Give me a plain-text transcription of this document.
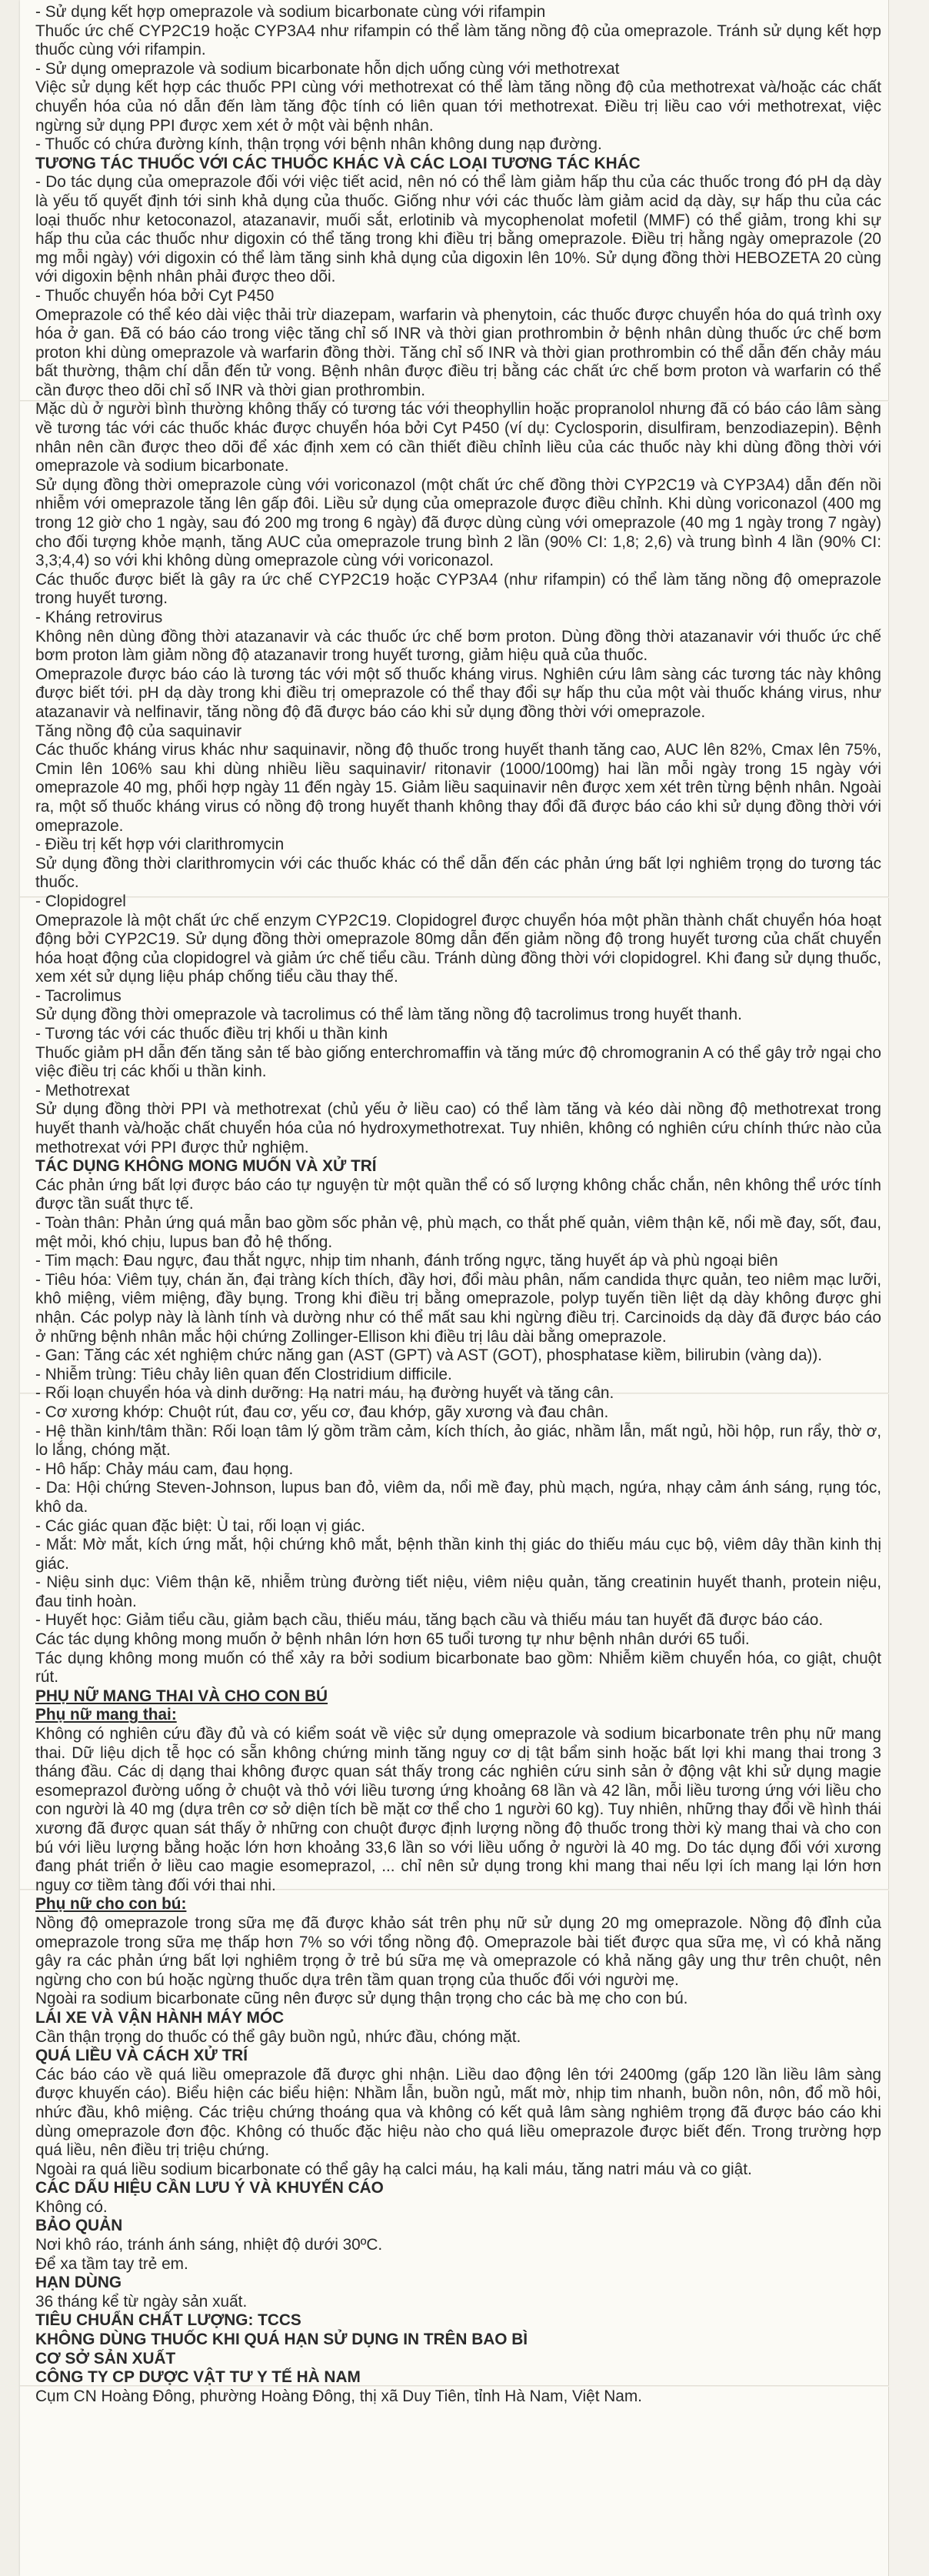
- Sử dụng kết hợp omeprazole và sodium bicarbonate cùng với rifampin

Thuốc ức chế CYP2C19 hoặc CYP3A4 như rifampin có thể làm tăng nồng độ của omeprazole. Tránh sử dụng kết hợp thuốc cùng với rifampin.

- Sử dụng omeprazole và sodium bicarbonate hỗn dịch uống cùng với methotrexat

Việc sử dụng kết hợp các thuốc PPI cùng với methotrexat có thể làm tăng nồng độ của methotrexat và/hoặc các chất chuyển hóa của nó dẫn đến làm tăng độc tính có liên quan tới methotrexat. Điều trị liều cao với methotrexat, việc ngừng sử dụng PPI được xem xét ở một vài bệnh nhân.

- Thuốc có chứa đường kính, thận trọng với bệnh nhân không dung nạp đường.

TƯƠNG TÁC THUỐC VỚI CÁC THUỐC KHÁC VÀ CÁC LOẠI TƯƠNG TÁC KHÁC

- Do tác dụng của omeprazole đối với việc tiết acid, nên nó có thể làm giảm hấp thu của các thuốc trong đó pH dạ dày là yếu tố quyết định tới sinh khả dụng của thuốc. Giống như với các thuốc làm giảm acid dạ dày, sự hấp thu của các loại thuốc như ketoconazol, atazanavir, muối sắt, erlotinib và mycophenolat mofetil (MMF) có thể giảm, trong khi sự hấp thu của các thuốc như digoxin có thể tăng trong khi điều trị bằng omeprazole. Điều trị hằng ngày omeprazole (20 mg mỗi ngày) với digoxin có thể làm tăng sinh khả dụng của digoxin lên 10%. Sử dụng đồng thời HEBOZETA 20 cùng với digoxin bệnh nhân phải được theo dõi.

- Thuốc chuyển hóa bởi Cyt P450

Omeprazole có thể kéo dài việc thải trừ diazepam, warfarin và phenytoin, các thuốc được chuyển hóa do quá trình oxy hóa ở gan. Đã có báo cáo trong việc tăng chỉ số INR và thời gian prothrombin ở bệnh nhân dùng thuốc ức chế bơm proton khi dùng omeprazole và warfarin đồng thời. Tăng chỉ số INR và thời gian prothrombin có thể dẫn đến chảy máu bất thường, thậm chí dẫn đến tử vong. Bệnh nhân được điều trị bằng các chất ức chế bơm proton và warfarin có thể cần được theo dõi chỉ số INR và thời gian prothrombin.

Mặc dù ở người bình thường không thấy có tương tác với theophyllin hoặc propranolol nhưng đã có báo cáo lâm sàng về tương tác với các thuốc khác được chuyển hóa bởi Cyt P450 (ví dụ: Cyclosporin, disulfiram, benzodiazepin). Bệnh nhân nên cần được theo dõi để xác định xem có cần thiết điều chỉnh liều của các thuốc này khi dùng đồng thời với omeprazole và sodium bicarbonate.

Sử dụng đồng thời omeprazole cùng với voriconazol (một chất ức chế đồng thời CYP2C19 và CYP3A4) dẫn đến nồi nhiễm với omeprazole tăng lên gấp đôi. Liều sử dụng của omeprazole được điều chỉnh. Khi dùng voriconazol (400 mg trong 12 giờ cho 1 ngày, sau đó 200 mg trong 6 ngày) đã được dùng cùng với omeprazole (40 mg 1 ngày trong 7 ngày) cho đối tượng khỏe mạnh, tăng AUC của omeprazole trung bình 2 lần (90% CI: 1,8; 2,6) và trung bình 4 lần (90% CI: 3,3;4,4) so với khi không dùng omeprazole cùng với voriconazol.

Các thuốc được biết là gây ra ức chế CYP2C19 hoặc CYP3A4 (như rifampin) có thể làm tăng nồng độ omeprazole trong huyết tương.

- Kháng retrovirus

Không nên dùng đồng thời atazanavir và các thuốc ức chế bơm proton. Dùng đồng thời atazanavir với thuốc ức chế bơm proton làm giảm nồng độ atazanavir trong huyết tương, giảm hiệu quả của thuốc.

Omeprazole được báo cáo là tương tác với một số thuốc kháng virus. Nghiên cứu lâm sàng các tương tác này không được biết tới. pH dạ dày trong khi điều trị omeprazole có thể thay đổi sự hấp thu của một vài thuốc kháng virus, như atazanavir và nelfinavir, tăng nồng độ đã được báo cáo khi sử dụng đồng thời với omeprazole.

Tăng nồng độ của saquinavir

Các thuốc kháng virus khác như saquinavir, nồng độ thuốc trong huyết thanh tăng cao, AUC lên 82%, Cmax lên 75%, Cmin lên 106% sau khi dùng nhiều liều saquinavir/ ritonavir (1000/100mg) hai lần mỗi ngày trong 15 ngày với omeprazole 40 mg, phối hợp ngày 11 đến ngày 15. Giảm liều saquinavir nên được xem xét trên từng bệnh nhân. Ngoài ra, một số thuốc kháng virus có nồng độ trong huyết thanh không thay đổi đã được báo cáo khi sử dụng đồng thời với omeprazole.

- Điều trị kết hợp với clarithromycin

Sử dụng đồng thời clarithromycin với các thuốc khác có thể dẫn đến các phản ứng bất lợi nghiêm trọng do tương tác thuốc.

- Clopidogrel

Omeprazole là một chất ức chế enzym CYP2C19. Clopidogrel được chuyển hóa một phần thành chất chuyển hóa hoạt động bởi CYP2C19. Sử dụng đồng thời omeprazole 80mg dẫn đến giảm nồng độ trong huyết tương của chất chuyển hóa hoạt động của clopidogrel và giảm ức chế tiểu cầu. Tránh dùng đồng thời với clopidogrel. Khi đang sử dụng thuốc, xem xét sử dụng liệu pháp chống tiểu cầu thay thế.

- Tacrolimus

Sử dụng đồng thời omeprazole và tacrolimus có thể làm tăng nồng độ tacrolimus trong huyết thanh.

- Tương tác với các thuốc điều trị khối u thần kinh

Thuốc giảm pH dẫn đến tăng sản tế bào giống enterchromaffin và tăng mức độ chromogranin A có thể gây trở ngại cho việc điều trị các khối u thần kinh.

- Methotrexat

Sử dụng đồng thời PPI và methotrexat (chủ yếu ở liều cao) có thể làm tăng và kéo dài nồng độ methotrexat trong huyết thanh và/hoặc chất chuyển hóa của nó hydroxymethotrexat. Tuy nhiên, không có nghiên cứu chính thức nào của methotrexat với PPI được thử nghiệm.

TÁC DỤNG KHÔNG MONG MUỐN VÀ XỬ TRÍ

Các phản ứng bất lợi được báo cáo tự nguyện từ một quần thể có số lượng không chắc chắn, nên không thể ước tính được tần suất thực tế.

- Toàn thân: Phản ứng quá mẫn bao gồm sốc phản vệ, phù mạch, co thắt phế quản, viêm thận kẽ, nổi mề đay, sốt, đau, mệt mỏi, khó chịu, lupus ban đỏ hệ thống.

- Tim mạch: Đau ngực, đau thắt ngực, nhịp tim nhanh, đánh trống ngực, tăng huyết áp và phù ngoại biên

- Tiêu hóa: Viêm tụy, chán ăn, đại tràng kích thích, đầy hơi, đổi màu phân, nấm candida thực quản, teo niêm mạc lưỡi, khô miệng, viêm miệng, đầy bụng. Trong khi điều trị bằng omeprazole, polyp tuyến tiền liệt dạ dày không được ghi nhận. Các polyp này là lành tính và dường như có thể mất sau khi ngừng điều trị. Carcinoids dạ dày đã được báo cáo ở những bệnh nhân mắc hội chứng Zollinger-Ellison khi điều trị lâu dài bằng omeprazole.

- Gan: Tăng các xét nghiệm chức năng gan (AST (GPT) và AST (GOT), phosphatase kiềm, bilirubin (vàng da)).

- Nhiễm trùng: Tiêu chảy liên quan đến Clostridium difficile.

- Rối loạn chuyển hóa và dinh dưỡng: Hạ natri máu, hạ đường huyết và tăng cân.

- Cơ xương khớp: Chuột rút, đau cơ, yếu cơ, đau khớp, gãy xương và đau chân.

- Hệ thần kinh/tâm thần: Rối loạn tâm lý gồm trầm cảm, kích thích, ảo giác, nhầm lẫn, mất ngủ, hồi hộp, run rẩy, thờ ơ, lo lắng, chóng mặt.

- Hô hấp: Chảy máu cam, đau họng.

- Da: Hội chứng Steven-Johnson, lupus ban đỏ, viêm da, nổi mề đay, phù mạch, ngứa, nhạy cảm ánh sáng, rụng tóc, khô da.

- Các giác quan đặc biệt: Ù tai, rối loạn vị giác.

- Mắt: Mờ mắt, kích ứng mắt, hội chứng khô mắt, bệnh thần kinh thị giác do thiếu máu cục bộ, viêm dây thần kinh thị giác.

- Niệu sinh dục: Viêm thận kẽ, nhiễm trùng đường tiết niệu, viêm niệu quản, tăng creatinin huyết thanh, protein niệu, đau tinh hoàn.

- Huyết học: Giảm tiểu cầu, giảm bạch cầu, thiếu máu, tăng bạch cầu và thiếu máu tan huyết đã được báo cáo.

Các tác dụng không mong muốn ở bệnh nhân lớn hơn 65 tuổi tương tự như bệnh nhân dưới 65 tuổi.

Tác dụng không mong muốn có thể xảy ra bởi sodium bicarbonate bao gồm: Nhiễm kiềm chuyển hóa, co giật, chuột rút.

PHỤ NỮ MANG THAI VÀ CHO CON BÚ

Phụ nữ mang thai:

Không có nghiên cứu đầy đủ và có kiểm soát về việc sử dụng omeprazole và sodium bicarbonate trên phụ nữ mang thai. Dữ liệu dịch tễ học có sẵn không chứng minh tăng nguy cơ dị tật bẩm sinh hoặc bất lợi khi mang thai trong 3 tháng đầu. Các dị dạng thai không được quan sát thấy trong các nghiên cứu sinh sản ở động vật khi sử dụng magie esomeprazol đường uống ở chuột và thỏ với liều tương ứng khoảng 68 lần và 42 lần, mỗi liều tương ứng với liều cho con người là 40 mg (dựa trên cơ sở diện tích bề mặt cơ thể cho 1 người 60 kg). Tuy nhiên, những thay đổi về hình thái xương đã được quan sát thấy ở những con chuột được định lượng nồng độ thuốc trong thời kỳ mang thai và cho con bú với liều lượng bằng hoặc lớn hơn khoảng 33,6 lần so với liều uống ở người là 40 mg. Do tác dụng đối với xương đang phát triển ở liều cao magie esomeprazol, ... chỉ nên sử dụng trong khi mang thai nếu lợi ích mang lại lớn hơn nguy cơ tiềm tàng đối với thai nhi.

Phụ nữ cho con bú:

Nồng độ omeprazole trong sữa mẹ đã được khảo sát trên phụ nữ sử dụng 20 mg omeprazole. Nồng độ đỉnh của omeprazole trong sữa mẹ thấp hơn 7% so với tổng nồng độ. Omeprazole bài tiết được qua sữa mẹ, vì có khả năng gây ra các phản ứng bất lợi nghiêm trọng ở trẻ bú sữa mẹ và omeprazole có khả năng gây ung thư trên chuột, nên ngừng cho con bú hoặc ngừng thuốc dựa trên tầm quan trọng của thuốc đối với người mẹ.

Ngoài ra sodium bicarbonate cũng nên được sử dụng thận trọng cho các bà mẹ cho con bú.

LÁI XE VÀ VẬN HÀNH MÁY MÓC

Cần thận trọng do thuốc có thể gây buồn ngủ, nhức đầu, chóng mặt.

QUÁ LIỀU VÀ CÁCH XỬ TRÍ

Các báo cáo về quá liều omeprazole đã được ghi nhận. Liều dao động lên tới 2400mg (gấp 120 lần liều lâm sàng được khuyến cáo). Biểu hiện các biểu hiện: Nhầm lẫn, buồn ngủ, mất mờ, nhịp tim nhanh, buồn nôn, nôn, đổ mồ hôi, nhức đầu, khô miệng. Các triệu chứng thoáng qua và không có kết quả lâm sàng nghiêm trọng đã được báo cáo khi dùng omeprazole đơn độc. Không có thuốc đặc hiệu nào cho quá liều omeprazole được biết đến. Trong trường hợp quá liều, nên điều trị triệu chứng.

Ngoài ra quá liều sodium bicarbonate có thể gây hạ calci máu, hạ kali máu, tăng natri máu và co giật.

CÁC DẤU HIỆU CẦN LƯU Ý VÀ KHUYẾN CÁO

Không có.

BẢO QUẢN

Nơi khô ráo, tránh ánh sáng, nhiệt độ dưới 30ºC.

Để xa tầm tay trẻ em.

HẠN DÙNG

36 tháng kể từ ngày sản xuất.

TIÊU CHUẨN CHẤT LƯỢNG: TCCS

KHÔNG DÙNG THUỐC KHI QUÁ HẠN SỬ DỤNG IN TRÊN BAO BÌ

CƠ SỞ SẢN XUẤT

CÔNG TY CP DƯỢC VẬT TƯ Y TẾ HÀ NAM

Cụm CN Hoàng Đông, phường Hoàng Đông, thị xã Duy Tiên, tỉnh Hà Nam, Việt Nam.
